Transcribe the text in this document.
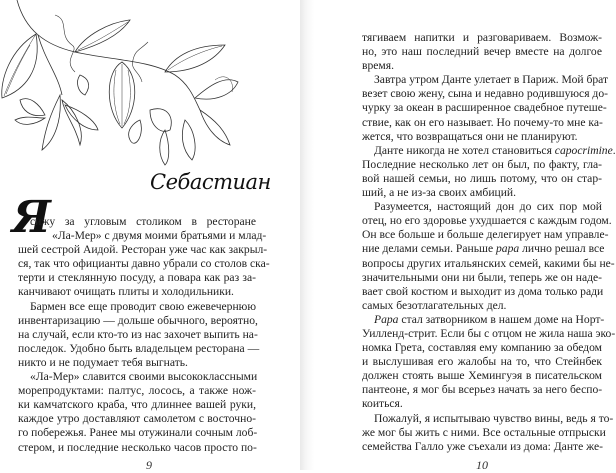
Себастиан
Я
сижу за угловым столиком в ресторане
«Ла-Мер» с двумя моими братьями и млад-
шей сестрой Аидой. Ресторан уже час как закрыл-
ся, так что официанты давно убрали со столов ска-
терти и стеклянную посуду, а повара как раз за-
канчивают очищать плиты и холодильники.
Бармен все еще проводит свою ежевечернюю
инвентаризацию — дольше обычного, вероятно,
на случай, если кто-то из нас захочет выпить на-
последок. Удобно быть владельцем ресторана —
никто и не подумает тебя выгнать.
«Ла-Мер» славится своими высококлассными
морепродуктами: палтус, лосось, а также нож-
ки камчатского краба, что длиннее вашей руки,
каждое утро доставляют самолетом с восточно-
го побережья. Ранее мы отужинали сочным лоб-
стером, и последние несколько часов просто по-
9
тягиваем напитки и разговариваем. Возмож-
но, это наш последний вечер вместе на долгое
время.
Завтра утром Данте улетает в Париж. Мой брат
везет свою жену, сына и недавно родившуюся до-
чурку за океан в расширенное свадебное путеше-
ствие, как он его называет. Но почему-то мне ка-
жется, что возвращаться они не планируют.
Данте никогда не хотел становиться capocrimine.
Последние несколько лет он был, по факту, гла-
вой нашей семьи, но лишь потому, что он стар-
ший, а не из-за своих амбиций.
Разумеется, настоящий дон до сих пор мой
отец, но его здоровье ухудшается с каждым годом.
Он все больше и больше делегирует нам управле-
ние делами семьи. Раньше papa лично решал все
вопросы других итальянских семей, какими бы не-
значительными они ни были, теперь же он наде-
вает свой костюм и выходит из дома только ради
самых безотлагательных дел.
Papa стал затворником в нашем доме на Норт-
Уилленд-стрит. Если бы с отцом не жила наша эко-
номка Грета, составляя ему компанию за обедом
и выслушивая его жалобы на то, что Стейнбек
должен стоять выше Хемингуэя в писательском
пантеоне, я мог бы всерьез начать за него беспо-
коиться.
Пожалуй, я испытываю чувство вины, ведь я то-
же мог бы жить с ними. Все остальные отпрыски
семейства Галло уже съехали из дома: Данте же-
10
